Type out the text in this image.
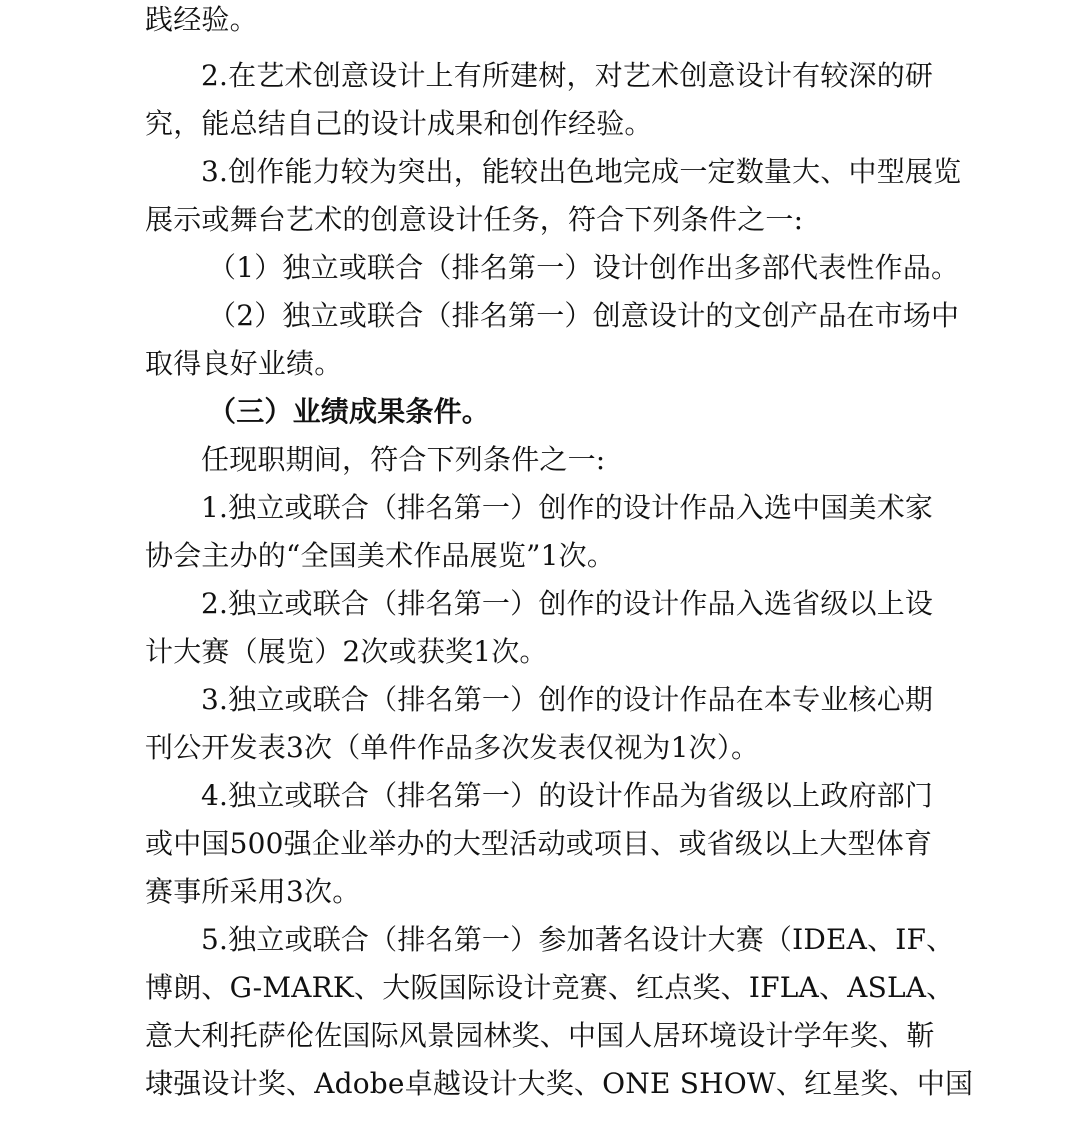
践经验。
2.在艺术创意设计上有所建树，对艺术创意设计有较深的研
究，能总结自己的设计成果和创作经验。
3.创作能力较为突出，能较出色地完成一定数量大、中型展览
展示或舞台艺术的创意设计任务，符合下列条件之一:
（1）独立或联合（排名第一）设计创作出多部代表性作品。
（2）独立或联合（排名第一）创意设计的文创产品在市场中
取得良好业绩。
（三）业绩成果条件。
任现职期间，符合下列条件之一:
1.独立或联合（排名第一）创作的设计作品入选中国美术家
协会主办的“全国美术作品展览”1次。
2.独立或联合（排名第一）创作的设计作品入选省级以上设
计大赛（展览）2次或获奖1次。
3.独立或联合（排名第一）创作的设计作品在本专业核心期
刊公开发表3次（单件作品多次发表仅视为1次）。
4.独立或联合（排名第一）的设计作品为省级以上政府部门
或中国500强企业举办的大型活动或项目、或省级以上大型体育
赛事所采用3次。
5.独立或联合（排名第一）参加著名设计大赛（IDEA、IF、
博朗、G-MARK、大阪国际设计竞赛、红点奖、IFLA、ASLA、
意大利托萨伦佐国际风景园林奖、中国人居环境设计学年奖、靳
埭强设计奖、Adobe卓越设计大奖、ONE SHOW、红星奖、中国
